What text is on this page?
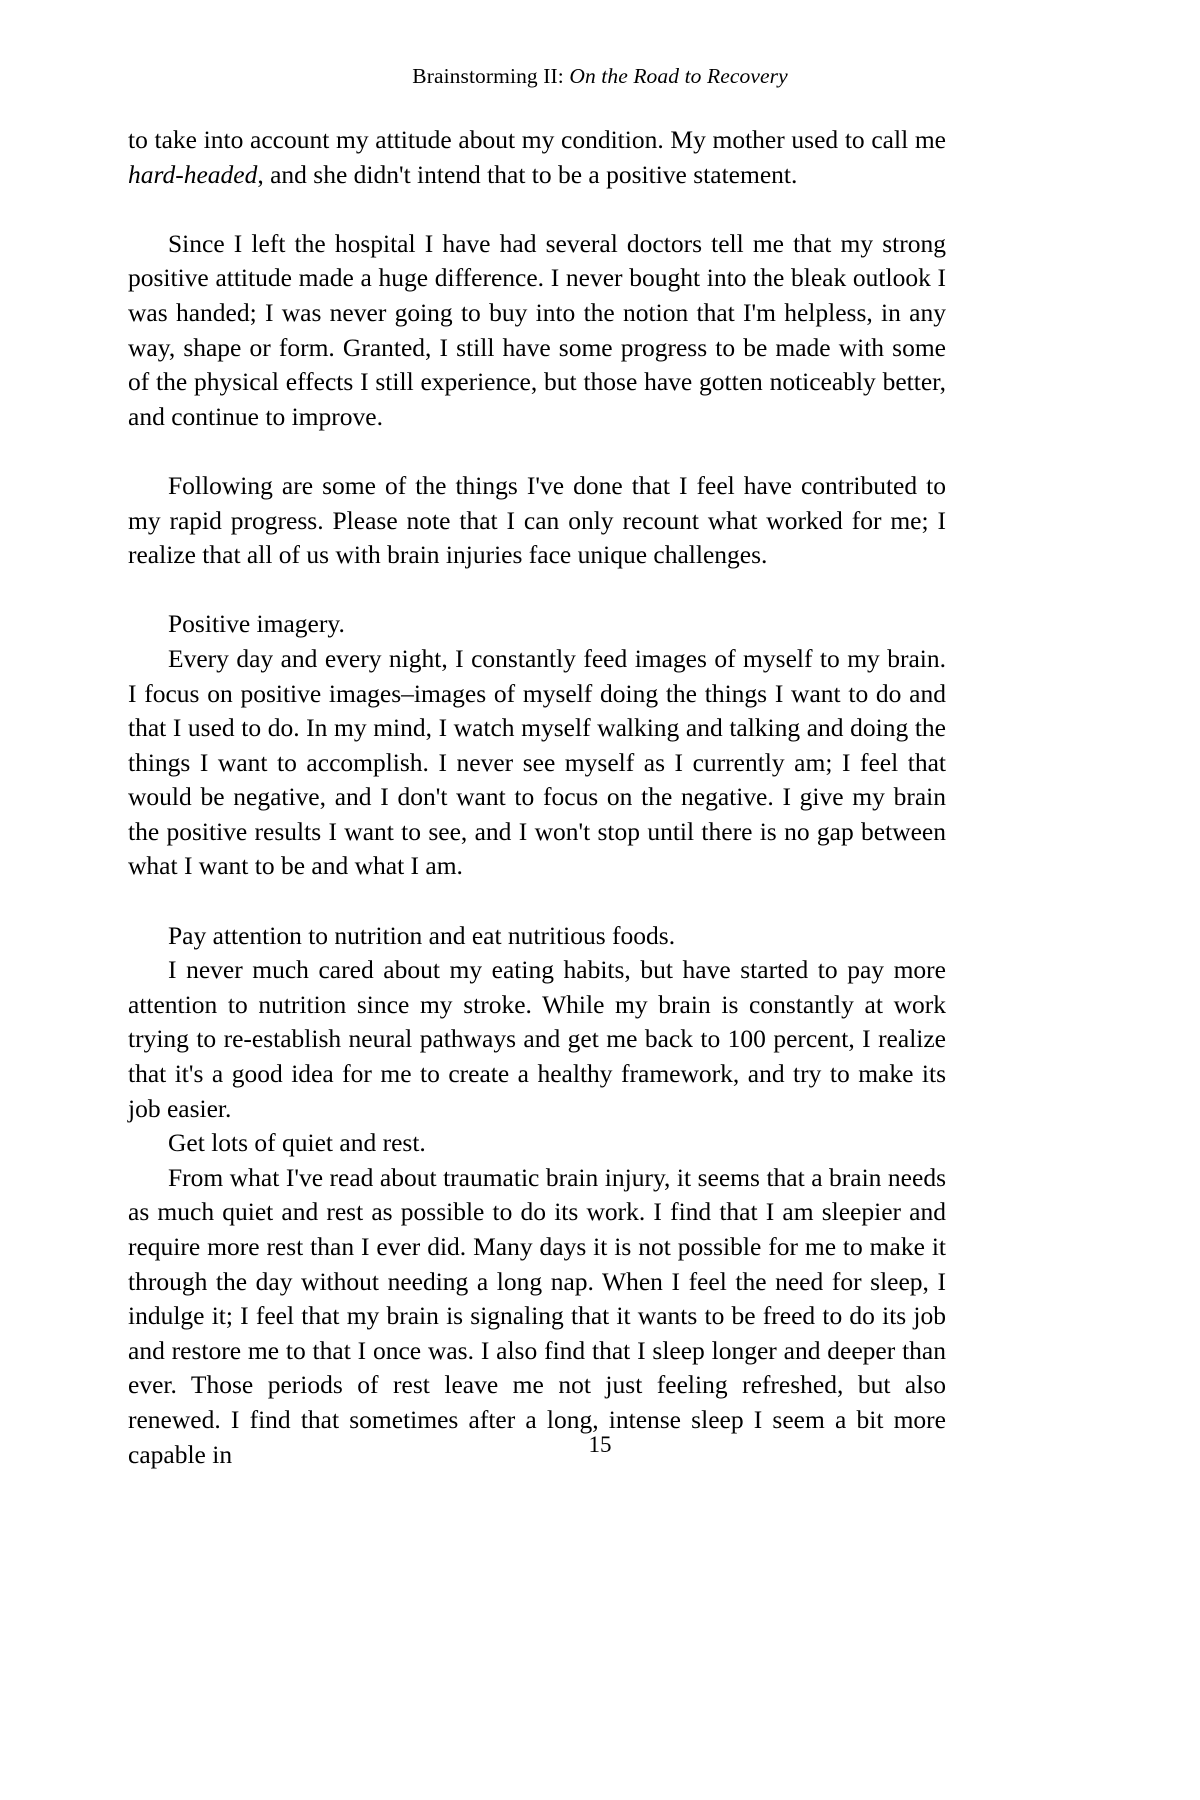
Brainstorming II: On the Road to Recovery

to take into account my attitude about my condition. My mother used to call me hard-headed, and she didn't intend that to be a positive statement.

Since I left the hospital I have had several doctors tell me that my strong positive attitude made a huge difference. I never bought into the bleak outlook I was handed; I was never going to buy into the notion that I'm helpless, in any way, shape or form. Granted, I still have some progress to be made with some of the physical effects I still experience, but those have gotten noticeably better, and continue to improve.

Following are some of the things I've done that I feel have contributed to my rapid progress. Please note that I can only recount what worked for me; I realize that all of us with brain injuries face unique challenges.

Positive imagery.

Every day and every night, I constantly feed images of myself to my brain. I focus on positive images–images of myself doing the things I want to do and that I used to do. In my mind, I watch myself walking and talking and doing the things I want to accomplish. I never see myself as I currently am; I feel that would be negative, and I don't want to focus on the negative. I give my brain the positive results I want to see, and I won't stop until there is no gap between what I want to be and what I am.

Pay attention to nutrition and eat nutritious foods.

I never much cared about my eating habits, but have started to pay more attention to nutrition since my stroke. While my brain is constantly at work trying to re-establish neural pathways and get me back to 100 percent, I realize that it's a good idea for me to create a healthy framework, and try to make its job easier.

Get lots of quiet and rest.

From what I've read about traumatic brain injury, it seems that a brain needs as much quiet and rest as possible to do its work. I find that I am sleepier and require more rest than I ever did. Many days it is not possible for me to make it through the day without needing a long nap. When I feel the need for sleep, I indulge it; I feel that my brain is signaling that it wants to be freed to do its job and restore me to that I once was. I also find that I sleep longer and deeper than ever. Those periods of rest leave me not just feeling refreshed, but also renewed. I find that sometimes after a long, intense sleep I seem a bit more capable in	15
